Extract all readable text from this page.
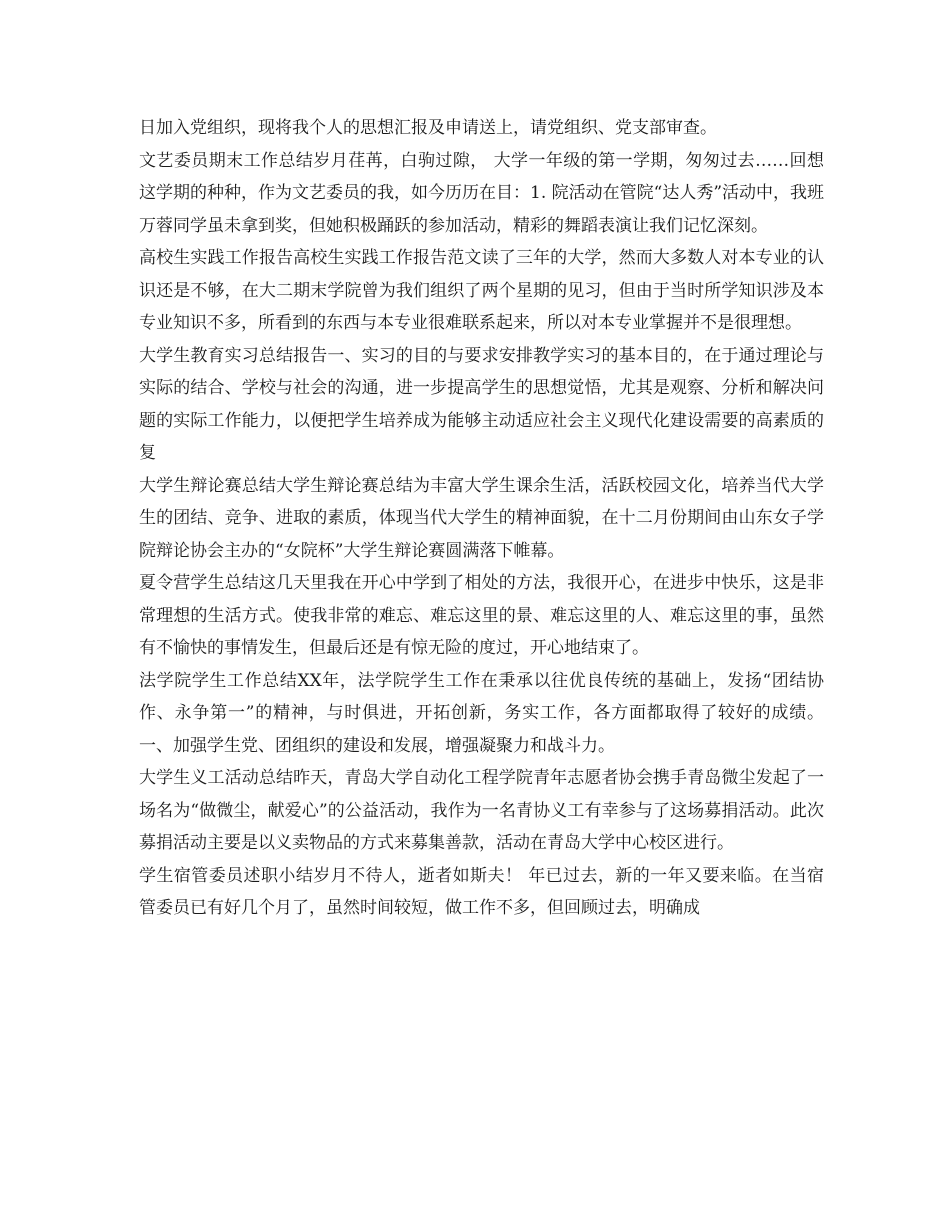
日加入党组织，现将我个人的思想汇报及申请送上，请党组织、党支部审查。

文艺委员期末工作总结岁月荏苒，白驹过隙， 大学一年级的第一学期，匆匆过去……回想这学期的种种，作为文艺委员的我，如今历历在目：1. 院活动在管院“达人秀”活动中，我班万蓉同学虽未拿到奖，但她积极踊跃的参加活动，精彩的舞蹈表演让我们记忆深刻。

高校生实践工作报告高校生实践工作报告范文读了三年的大学，然而大多数人对本专业的认识还是不够，在大二期末学院曾为我们组织了两个星期的见习，但由于当时所学知识涉及本专业知识不多，所看到的东西与本专业很难联系起来，所以对本专业掌握并不是很理想。

大学生教育实习总结报告一、实习的目的与要求安排教学实习的基本目的，在于通过理论与实际的结合、学校与社会的沟通，进一步提高学生的思想觉悟，尤其是观察、分析和解决问题的实际工作能力，以便把学生培养成为能够主动适应社会主义现代化建设需要的高素质的复

大学生辩论赛总结大学生辩论赛总结为丰富大学生课余生活，活跃校园文化，培养当代大学生的团结、竞争、进取的素质，体现当代大学生的精神面貌，在十二月份期间由山东女子学院辩论协会主办的“女院杯”大学生辩论赛圆满落下帷幕。

夏令营学生总结这几天里我在开心中学到了相处的方法，我很开心，在进步中快乐，这是非常理想的生活方式。使我非常的难忘、难忘这里的景、难忘这里的人、难忘这里的事，虽然有不愉快的事情发生，但最后还是有惊无险的度过，开心地结束了。

法学院学生工作总结XX年，法学院学生工作在秉承以往优良传统的基础上，发扬“团结协作、永争第一”的精神，与时俱进，开拓创新，务实工作，各方面都取得了较好的成绩。一、加强学生党、团组织的建设和发展，增强凝聚力和战斗力。

大学生义工活动总结昨天，青岛大学自动化工程学院青年志愿者协会携手青岛微尘发起了一场名为“做微尘，献爱心”的公益活动，我作为一名青协义工有幸参与了这场募捐活动。此次募捐活动主要是以义卖物品的方式来募集善款，活动在青岛大学中心校区进行。

学生宿管委员述职小结岁月不待人，逝者如斯夫！ 年已过去，新的一年又要来临。在当宿管委员已有好几个月了，虽然时间较短，做工作不多，但回顾过去，明确成
